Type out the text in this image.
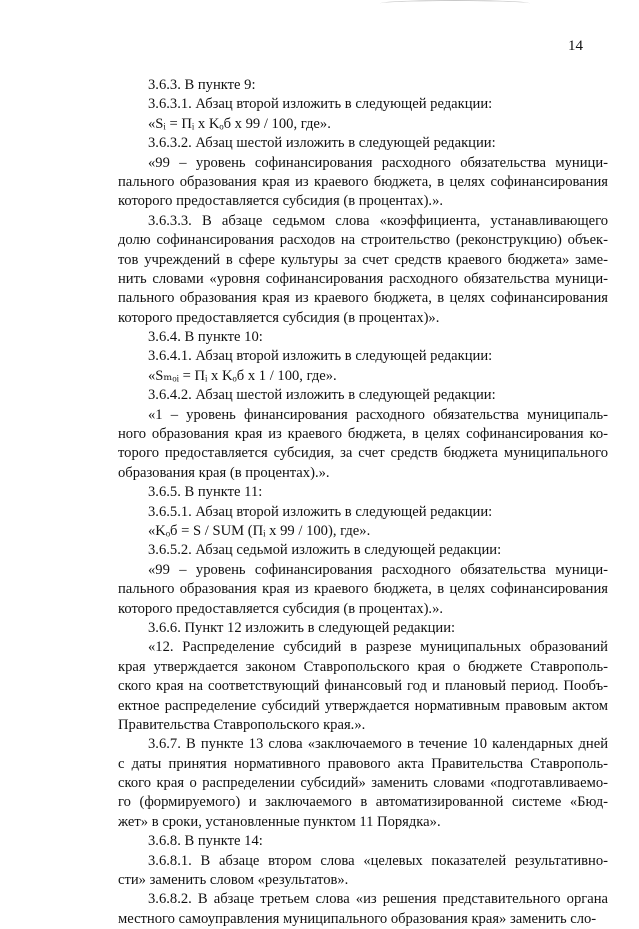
14

3.6.3. В пункте 9:

3.6.3.1. Абзац второй изложить в следующей редакции:

«Sᵢ = Пᵢ x Kₒб x 99 / 100, где».

3.6.3.2. Абзац шестой изложить в следующей редакции:

«99 – уровень софинансирования расходного обязательства муници-

пального образования края из краевого бюджета, в целях софинансирования

которого предоставляется субсидия (в процентах).».

3.6.3.3. В абзаце седьмом слова «коэффициента, устанавливающего

долю софинансирования расходов на строительство (реконструкцию) объек-

тов учреждений в сфере культуры за счет средств краевого бюджета» заме-

нить словами «уровня софинансирования расходного обязательства муници-

пального образования края из краевого бюджета, в целях софинансирования

которого предоставляется субсидия (в процентах)».

3.6.4. В пункте 10:

3.6.4.1. Абзац второй изложить в следующей редакции:

«Sₘₒᵢ = Пᵢ x Kₒб x 1 / 100, где».

3.6.4.2. Абзац шестой изложить в следующей редакции:

«1 – уровень финансирования расходного обязательства муниципаль-

ного образования края из краевого бюджета, в целях софинансирования ко-

торого предоставляется субсидия, за счет средств бюджета муниципального

образования края (в процентах).».

3.6.5. В пункте 11:

3.6.5.1. Абзац второй изложить в следующей редакции:

«Kₒб = S / SUM (Пᵢ x 99 / 100), где».

3.6.5.2. Абзац седьмой изложить в следующей редакции:

«99 – уровень софинансирования расходного обязательства муници-

пального образования края из краевого бюджета, в целях софинансирования

которого предоставляется субсидия (в процентах).».

3.6.6. Пункт 12 изложить в следующей редакции:

«12. Распределение субсидий в разрезе муниципальных образований

края утверждается законом Ставропольского края о бюджете Ставрополь-

ского края на соответствующий финансовый год и плановый период. Пообъ-

ектное распределение субсидий утверждается нормативным правовым актом

Правительства Ставропольского края.».

3.6.7. В пункте 13 слова «заключаемого в течение 10 календарных дней

с даты принятия нормативного правового акта Правительства Ставрополь-

ского края о распределении субсидий» заменить словами «подготавливаемо-

го (формируемого) и заключаемого в автоматизированной системе «Бюд-

жет» в сроки, установленные пунктом 11 Порядка».

3.6.8. В пункте 14:

3.6.8.1. В абзаце втором слова «целевых показателей результативно-

сти» заменить словом «результатов».

3.6.8.2. В абзаце третьем слова «из решения представительного органа

местного самоуправления муниципального образования края» заменить сло-
